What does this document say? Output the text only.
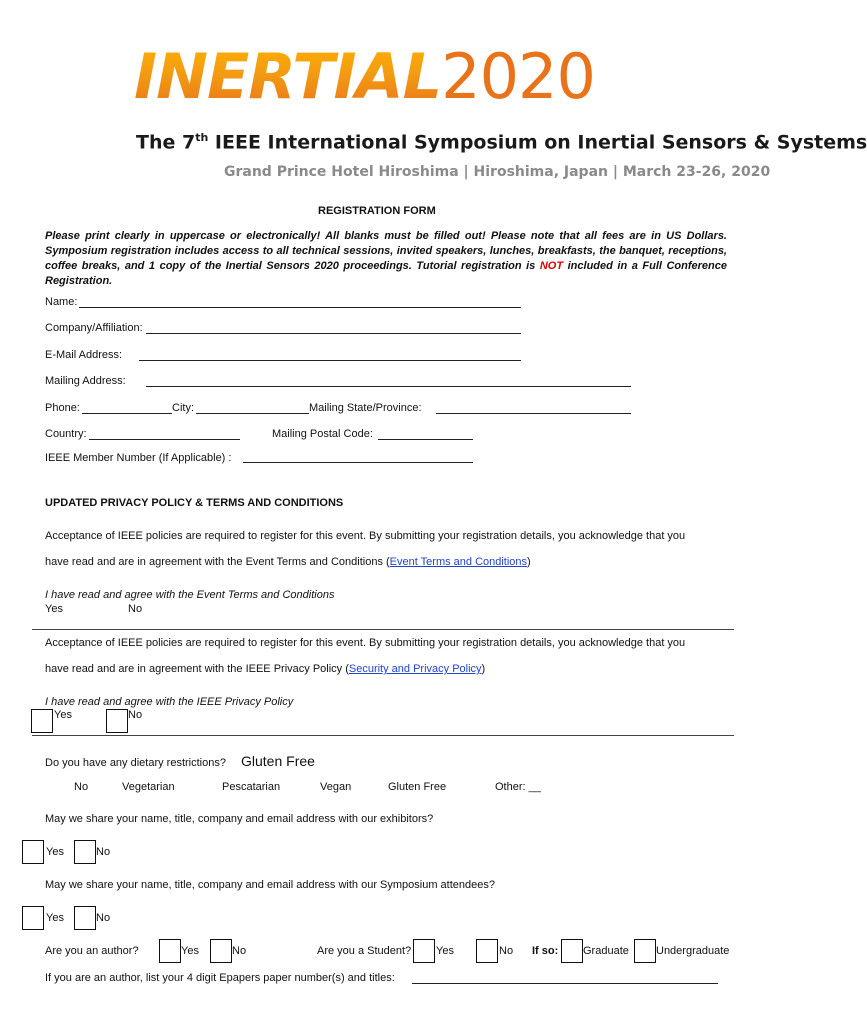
INERTIAL2020
The 7th IEEE International Symposium on Inertial Sensors & Systems
Grand Prince Hotel Hiroshima | Hiroshima, Japan | March 23-26, 2020
REGISTRATION FORM
Please print clearly in uppercase or electronically! All blanks must be filled out! Please note that all fees are in US Dollars. Symposium registration includes access to all technical sessions, invited speakers, lunches, breakfasts, the banquet, receptions, coffee breaks, and 1 copy of the Inertial Sensors 2020 proceedings. Tutorial registration is NOT included in a Full Conference Registration.
Name:
Company/Affiliation:
E-Mail Address:
Mailing Address:
Phone:	City:	Mailing State/Province:
Country:	Mailing Postal Code:
IEEE Member Number (If Applicable) :
UPDATED PRIVACY POLICY & TERMS AND CONDITIONS
Acceptance of IEEE policies are required to register for this event. By submitting your registration details, you acknowledge that you
have read and are in agreement with the Event Terms and Conditions (Event Terms and Conditions)
I have read and agree with the Event Terms and Conditions
Yes	No
Acceptance of IEEE policies are required to register for this event. By submitting your registration details, you acknowledge that you
have read and are in agreement with the IEEE Privacy Policy (Security and Privacy Policy)
I have read and agree with the IEEE Privacy Policy
Yes	No
Do you have any dietary restrictions? Gluten Free
No	Vegetarian	Pescatarian	Vegan	Gluten Free	Other: __
May we share your name, title, company and email address with our exhibitors?
Yes	No
May we share your name, title, company and email address with our Symposium attendees?
Yes	No
Are you an author?	Yes	No	Are you a Student? Yes	No If so: Graduate Undergraduate
If you are an author, list your 4 digit Epapers paper number(s) and titles:
